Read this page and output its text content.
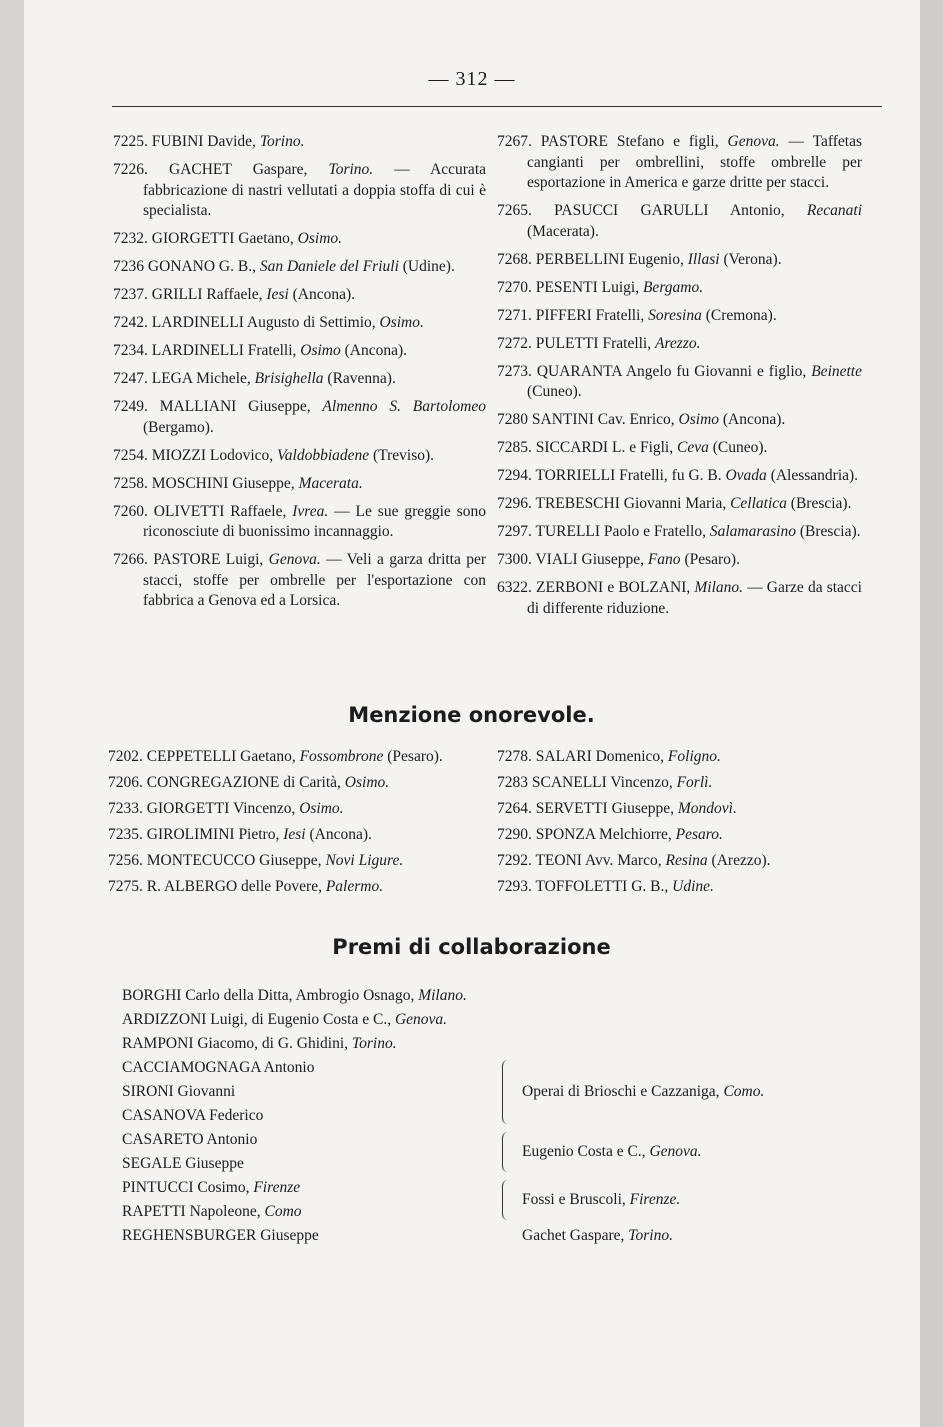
— 312 —
7225. FUBINI Davide, Torino.
7226. GACHET Gaspare, Torino. — Accurata fabbricazione di nastri vellutati a doppia stoffa di cui è specialista.
7232. GIORGETTI Gaetano, Osimo.
7236 GONANO G. B., San Daniele del Friuli (Udine).
7237. GRILLI Raffaele, Iesi (Ancona).
7242. LARDINELLI Augusto di Settimio, Osimo.
7234. LARDINELLI Fratelli, Osimo (Ancona).
7247. LEGA Michele, Brisighella (Ravenna).
7249. MALLIANI Giuseppe, Almenno S. Bartolomeo (Bergamo).
7254. MIOZZI Lodovico, Valdobbiadene (Treviso).
7258. MOSCHINI Giuseppe, Macerata.
7260. OLIVETTI Raffaele, Ivrea. — Le sue greggie sono riconosciute di buonissimo incannaggio.
7266. PASTORE Luigi, Genova. — Veli a garza dritta per stacci, stoffe per ombrelle per l'esportazione con fabbrica a Genova ed a Lorsica.
7267. PASTORE Stefano e figli, Genova. — Taffetas cangianti per ombrellini, stoffe ombrelle per esportazione in America e garze dritte per stacci.
7265. PASUCCI GARULLI Antonio, Recanati (Macerata).
7268. PERBELLINI Eugenio, Illasi (Verona).
7270. PESENTI Luigi, Bergamo.
7271. PIFFERI Fratelli, Soresina (Cremona).
7272. PULETTI Fratelli, Arezzo.
7273. QUARANTA Angelo fu Giovanni e figlio, Beinette (Cuneo).
7280 SANTINI Cav. Enrico, Osimo (Ancona).
7285. SICCARDI L. e Figli, Ceva (Cuneo).
7294. TORRIELLI Fratelli, fu G. B. Ovada (Alessandria).
7296. TREBESCHI Giovanni Maria, Cellatica (Brescia).
7297. TURELLI Paolo e Fratello, Salamarasino (Brescia).
7300. VIALI Giuseppe, Fano (Pesaro).
6322. ZERBONI e BOLZANI, Milano. — Garze da stacci di differente riduzione.
Menzione onorevole.
7202. CEPPETELLI Gaetano, Fossombrone (Pesaro).
7206. CONGREGAZIONE di Carità, Osimo.
7233. GIORGETTI Vincenzo, Osimo.
7235. GIROLIMINI Pietro, Iesi (Ancona).
7256. MONTECUCCO Giuseppe, Novi Ligure.
7275. R. ALBERGO delle Povere, Palermo.
7278. SALARI Domenico, Foligno.
7283 SCANELLI Vincenzo, Forlì.
7264. SERVETTI Giuseppe, Mondovì.
7290. SPONZA Melchiorre, Pesaro.
7292. TEONI Avv. Marco, Resina (Arezzo).
7293. TOFFOLETTI G. B., Udine.
Premi di collaborazione
BORGHI Carlo della Ditta, Ambrogio Osnago, Milano.
ARDIZZONI Luigi, di Eugenio Costa e C., Genova.
RAMPONI Giacomo, di G. Ghidini, Torino.
CACCIAMOGNAGA Antonio
SIRONI Giovanni
CASANOVA Federico
Operai di Brioschi e Cazzaniga, Como.
CASARETO Antonio
SEGALE Giuseppe
Eugenio Costa e C., Genova.
PINTUCCI Cosimo, Firenze
RAPETTI Napoleone, Como
Fossi e Bruscoli, Firenze.
REGHENSBURGER Giuseppe	Gachet Gaspare, Torino.
